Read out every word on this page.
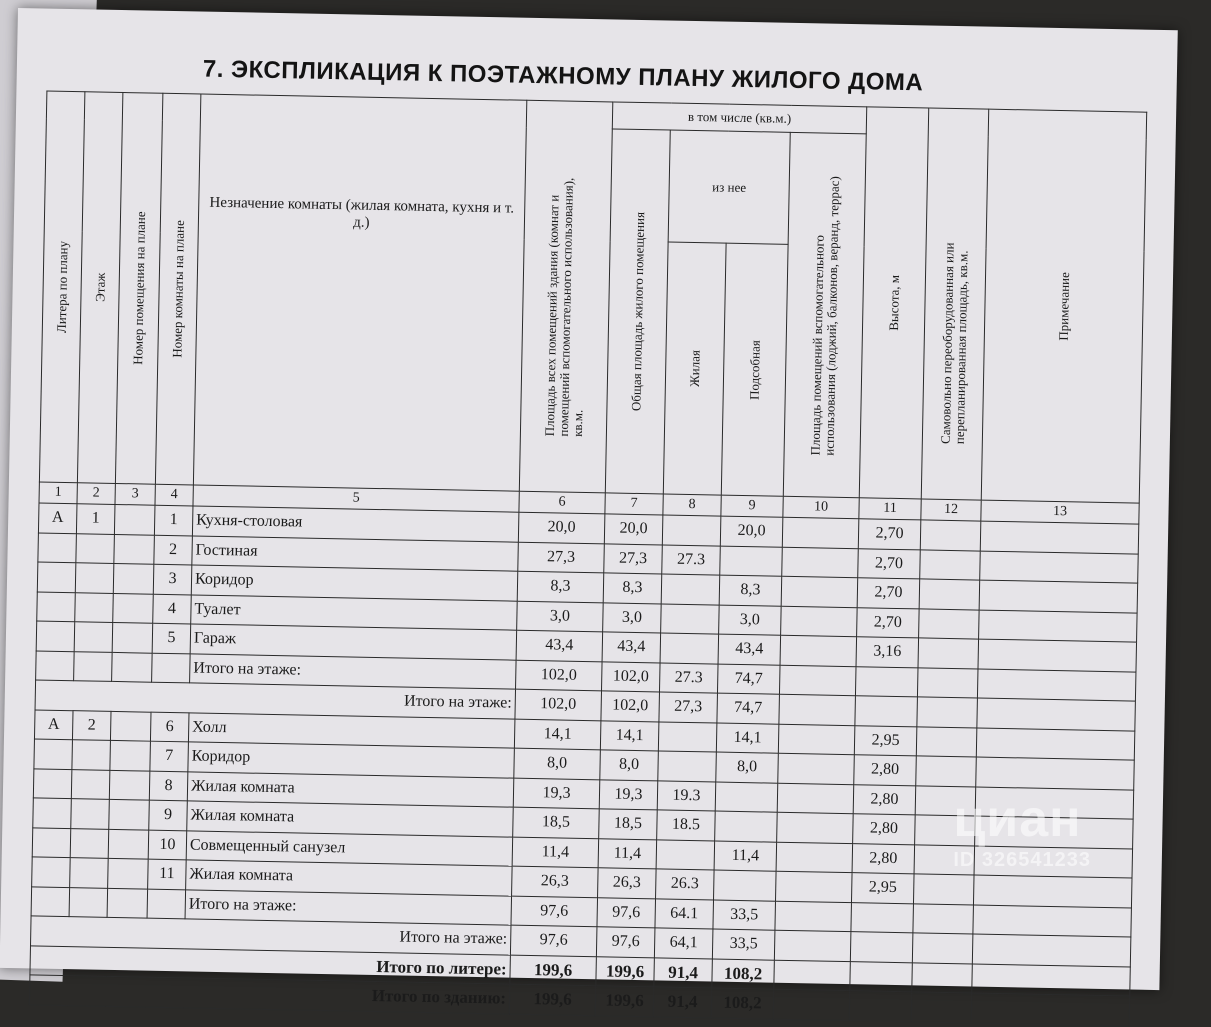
7. ЭКСПЛИКАЦИЯ К ПОЭТАЖНОМУ ПЛАНУ ЖИЛОГО ДОМА
Литера по плану	Этаж	Номер помещения на плане	Номер комнаты на плане	Незначение комнаты (жилая комната, кухня и т. д.)	Площадь всех помещений здания (комнат и помещений вспомогательного использования), кв.м.	в том числе (кв.м.)				Высота, м	Самовольно переоборудованная или перепланированная площадь, кв.м.	Примечание

						Общая площадь жилого помещения	из нее		Площадь помещений вспомогательного использования (лоджий, балконов, веранд, террас)			

							Жилая	Подсобная				

1	2	3	4	5	6	7	8	9	10	11	12	13
А	1		1	Кухня-столовая	20,0	20,0		20,0		2,70		
			2	Гостиная	27,3	27,3	27.3			2,70		
			3	Коридор	8,3	8,3		8,3		2,70		
			4	Туалет	3,0	3,0		3,0		2,70		
			5	Гараж	43,4	43,4		43,4		3,16		
				Итого на этаже:	102,0	102,0	27.3	74,7				
Итого на этаже:					102,0	102,0	27,3	74,7				
А	2		6	Холл	14,1	14,1		14,1		2,95		
			7	Коридор	8,0	8,0		8,0		2,80		
			8	Жилая комната	19,3	19,3	19.3			2,80		
			9	Жилая комната	18,5	18,5	18.5			2,80		
			10	Совмещенный санузел	11,4	11,4		11,4		2,80		
			11	Жилая комната	26,3	26,3	26.3			2,95		
				Итого на этаже:	97,6	97,6	64.1	33,5				
Итого на этаже:					97,6	97,6	64,1	33,5				
Итого по литере:					199,6	199,6	91,4	108,2				
Итого по зданию:					199,6	199,6	91,4	108,2				
циан
ID 326541233
